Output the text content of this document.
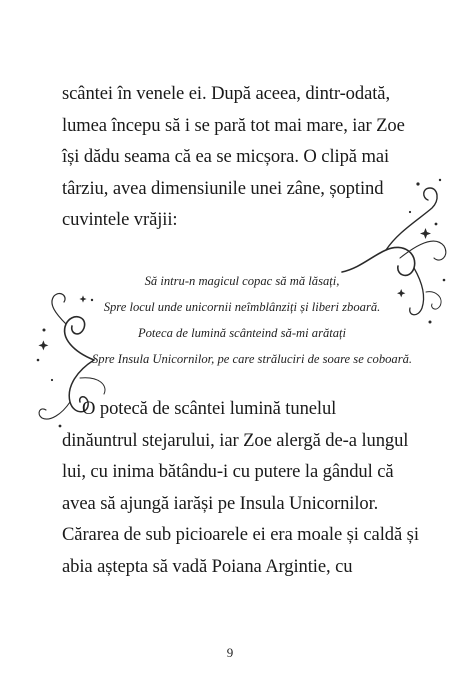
scântei în venele ei. După aceea, dintr-odată,
lumea începu să i se pară tot mai mare, iar Zoe
își dădu seama că ea se micșora. O clipă mai
târziu, avea dimensiunile unei zâne, șoptind
cuvintele vrăjii:

Să intru-n magicul copac să mă lăsați,
Spre locul unde unicornii neîmblânziți și liberi zboară.
Poteca de lumină scânteind să-mi arătați
Spre Insula Unicornilor, pe care străluciri de soare se coboară.

O potecă de scântei lumină tunelul
dinăuntrul stejarului, iar Zoe alergă de-a lungul
lui, cu inima bătându-i cu putere la gândul că
avea să ajungă iarăși pe Insula Unicornilor.
Cărarea de sub picioarele ei era moale și caldă și
abia aștepta să vadă Poiana Argintie, cu

9
